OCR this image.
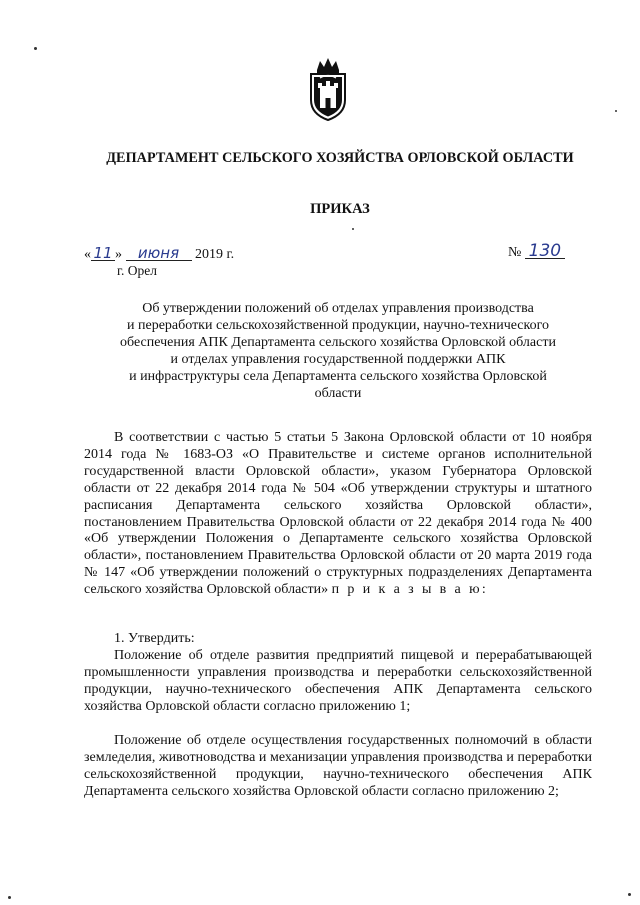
ДЕПАРТАМЕНТ СЕЛЬСКОГО ХОЗЯЙСТВА ОРЛОВСКОЙ ОБЛАСТИ
ПРИКАЗ
« 11 » июня 2019 г.	№ 130
г. Орел
Об утверждении положений об отделах управления производства
и переработки сельскохозяйственной продукции, научно-технического
обеспечения АПК Департамента сельского хозяйства Орловской области
и отделах управления государственной поддержки АПК
и инфраструктуры села Департамента сельского хозяйства Орловской
области
В соответствии с частью 5 статьи 5 Закона Орловской области от 10 ноября 2014 года № 1683-ОЗ «О Правительстве и системе органов исполнительной государственной власти Орловской области», указом Губернатора Орловской области от 22 декабря 2014 года № 504 «Об утверждении структуры и штатного расписания Департамента сельского хозяйства Орловской области», постановлением Правительства Орловской области от 22 декабря 2014 года № 400 «Об утверждении Положения о Департаменте сельского хозяйства Орловской области», постановлением Правительства Орловской области от 20 марта 2019 года № 147 «Об утверждении положений о структурных подразделениях Департамента сельского хозяйства Орловской области» п р и к а з ы в а ю:
1. Утвердить:
Положение об отделе развития предприятий пищевой и перерабатывающей промышленности управления производства и переработки сельскохозяйственной продукции, научно-технического обеспечения АПК Департамента сельского хозяйства Орловской области согласно приложению 1;
Положение об отделе осуществления государственных полномочий в области земледелия, животноводства и механизации управления производства и переработки сельскохозяйственной продукции, научно-технического обеспечения АПК Департамента сельского хозяйства Орловской области согласно приложению 2;
